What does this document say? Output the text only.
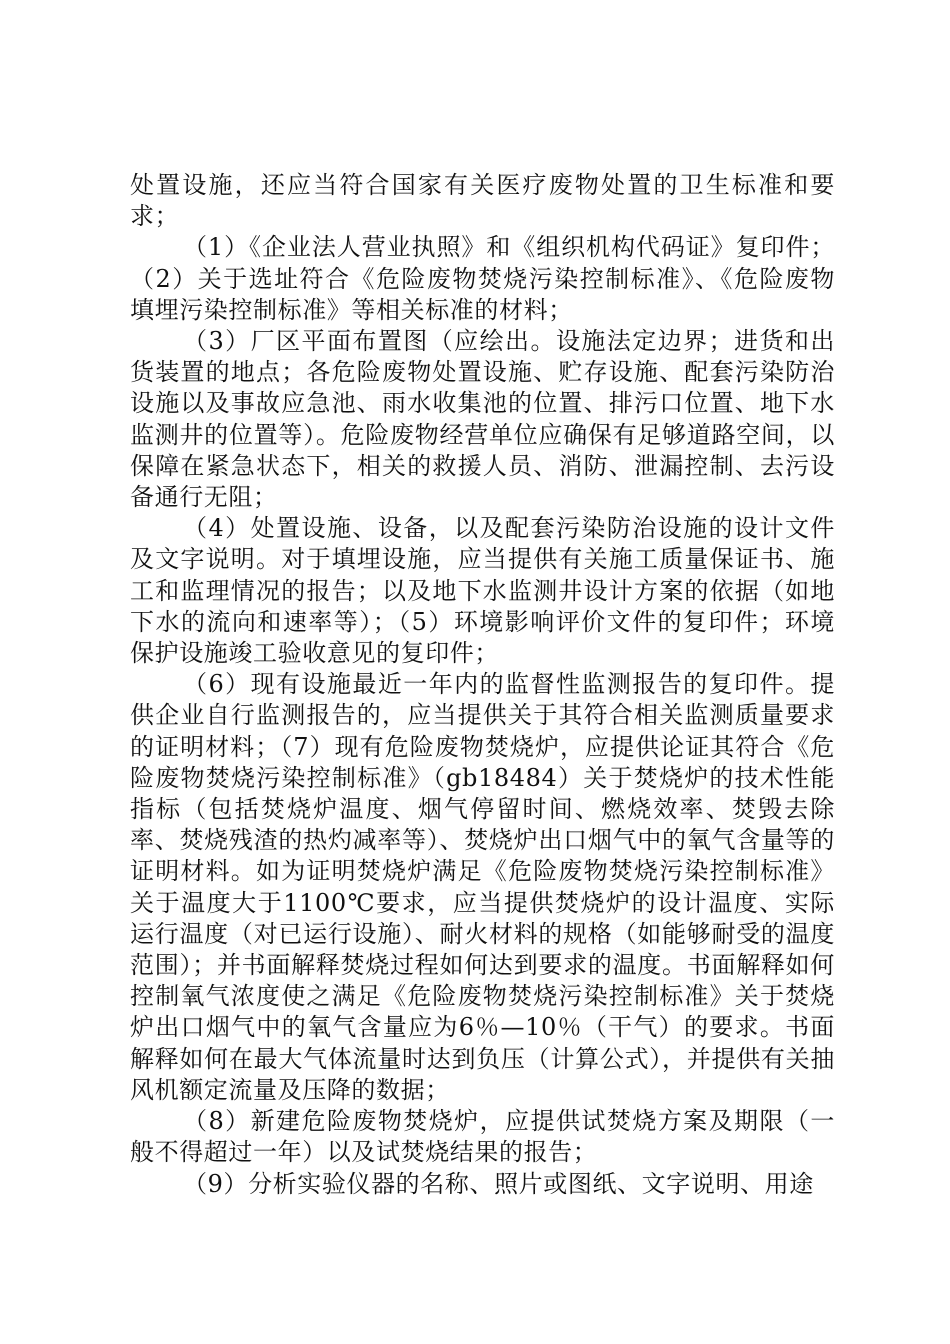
处置设施，还应当符合国家有关医疗废物处置的卫生标准和要求；

（1）《企业法人营业执照》和《组织机构代码证》复印件；（2）关于选址符合《危险废物焚烧污染控制标准》、《危险废物填埋污染控制标准》等相关标准的材料；

（3）厂区平面布置图（应绘出。设施法定边界；进货和出货装置的地点；各危险废物处置设施、贮存设施、配套污染防治设施以及事故应急池、雨水收集池的位置、排污口位置、地下水监测井的位置等）。危险废物经营单位应确保有足够道路空间，以保障在紧急状态下，相关的救援人员、消防、泄漏控制、去污设备通行无阻；

（4）处置设施、设备，以及配套污染防治设施的设计文件及文字说明。对于填埋设施，应当提供有关施工质量保证书、施工和监理情况的报告；以及地下水监测井设计方案的依据（如地下水的流向和速率等）；（5）环境影响评价文件的复印件；环境保护设施竣工验收意见的复印件；

（6）现有设施最近一年内的监督性监测报告的复印件。提供企业自行监测报告的，应当提供关于其符合相关监测质量要求的证明材料；（7）现有危险废物焚烧炉，应提供论证其符合《危险废物焚烧污染控制标准》（gb18484）关于焚烧炉的技术性能指标（包括焚烧炉温度、烟气停留时间、燃烧效率、焚毁去除率、焚烧残渣的热灼减率等）、焚烧炉出口烟气中的氧气含量等的证明材料。如为证明焚烧炉满足《危险废物焚烧污染控制标准》关于温度大于1100℃要求，应当提供焚烧炉的设计温度、实际运行温度（对已运行设施）、耐火材料的规格（如能够耐受的温度范围）；并书面解释焚烧过程如何达到要求的温度。书面解释如何控制氧气浓度使之满足《危险废物焚烧污染控制标准》关于焚烧炉出口烟气中的氧气含量应为6％—10％（干气）的要求。书面解释如何在最大气体流量时达到负压（计算公式），并提供有关抽风机额定流量及压降的数据；

（8）新建危险废物焚烧炉，应提供试焚烧方案及期限（一般不得超过一年）以及试焚烧结果的报告；

（9）分析实验仪器的名称、照片或图纸、文字说明、用途
